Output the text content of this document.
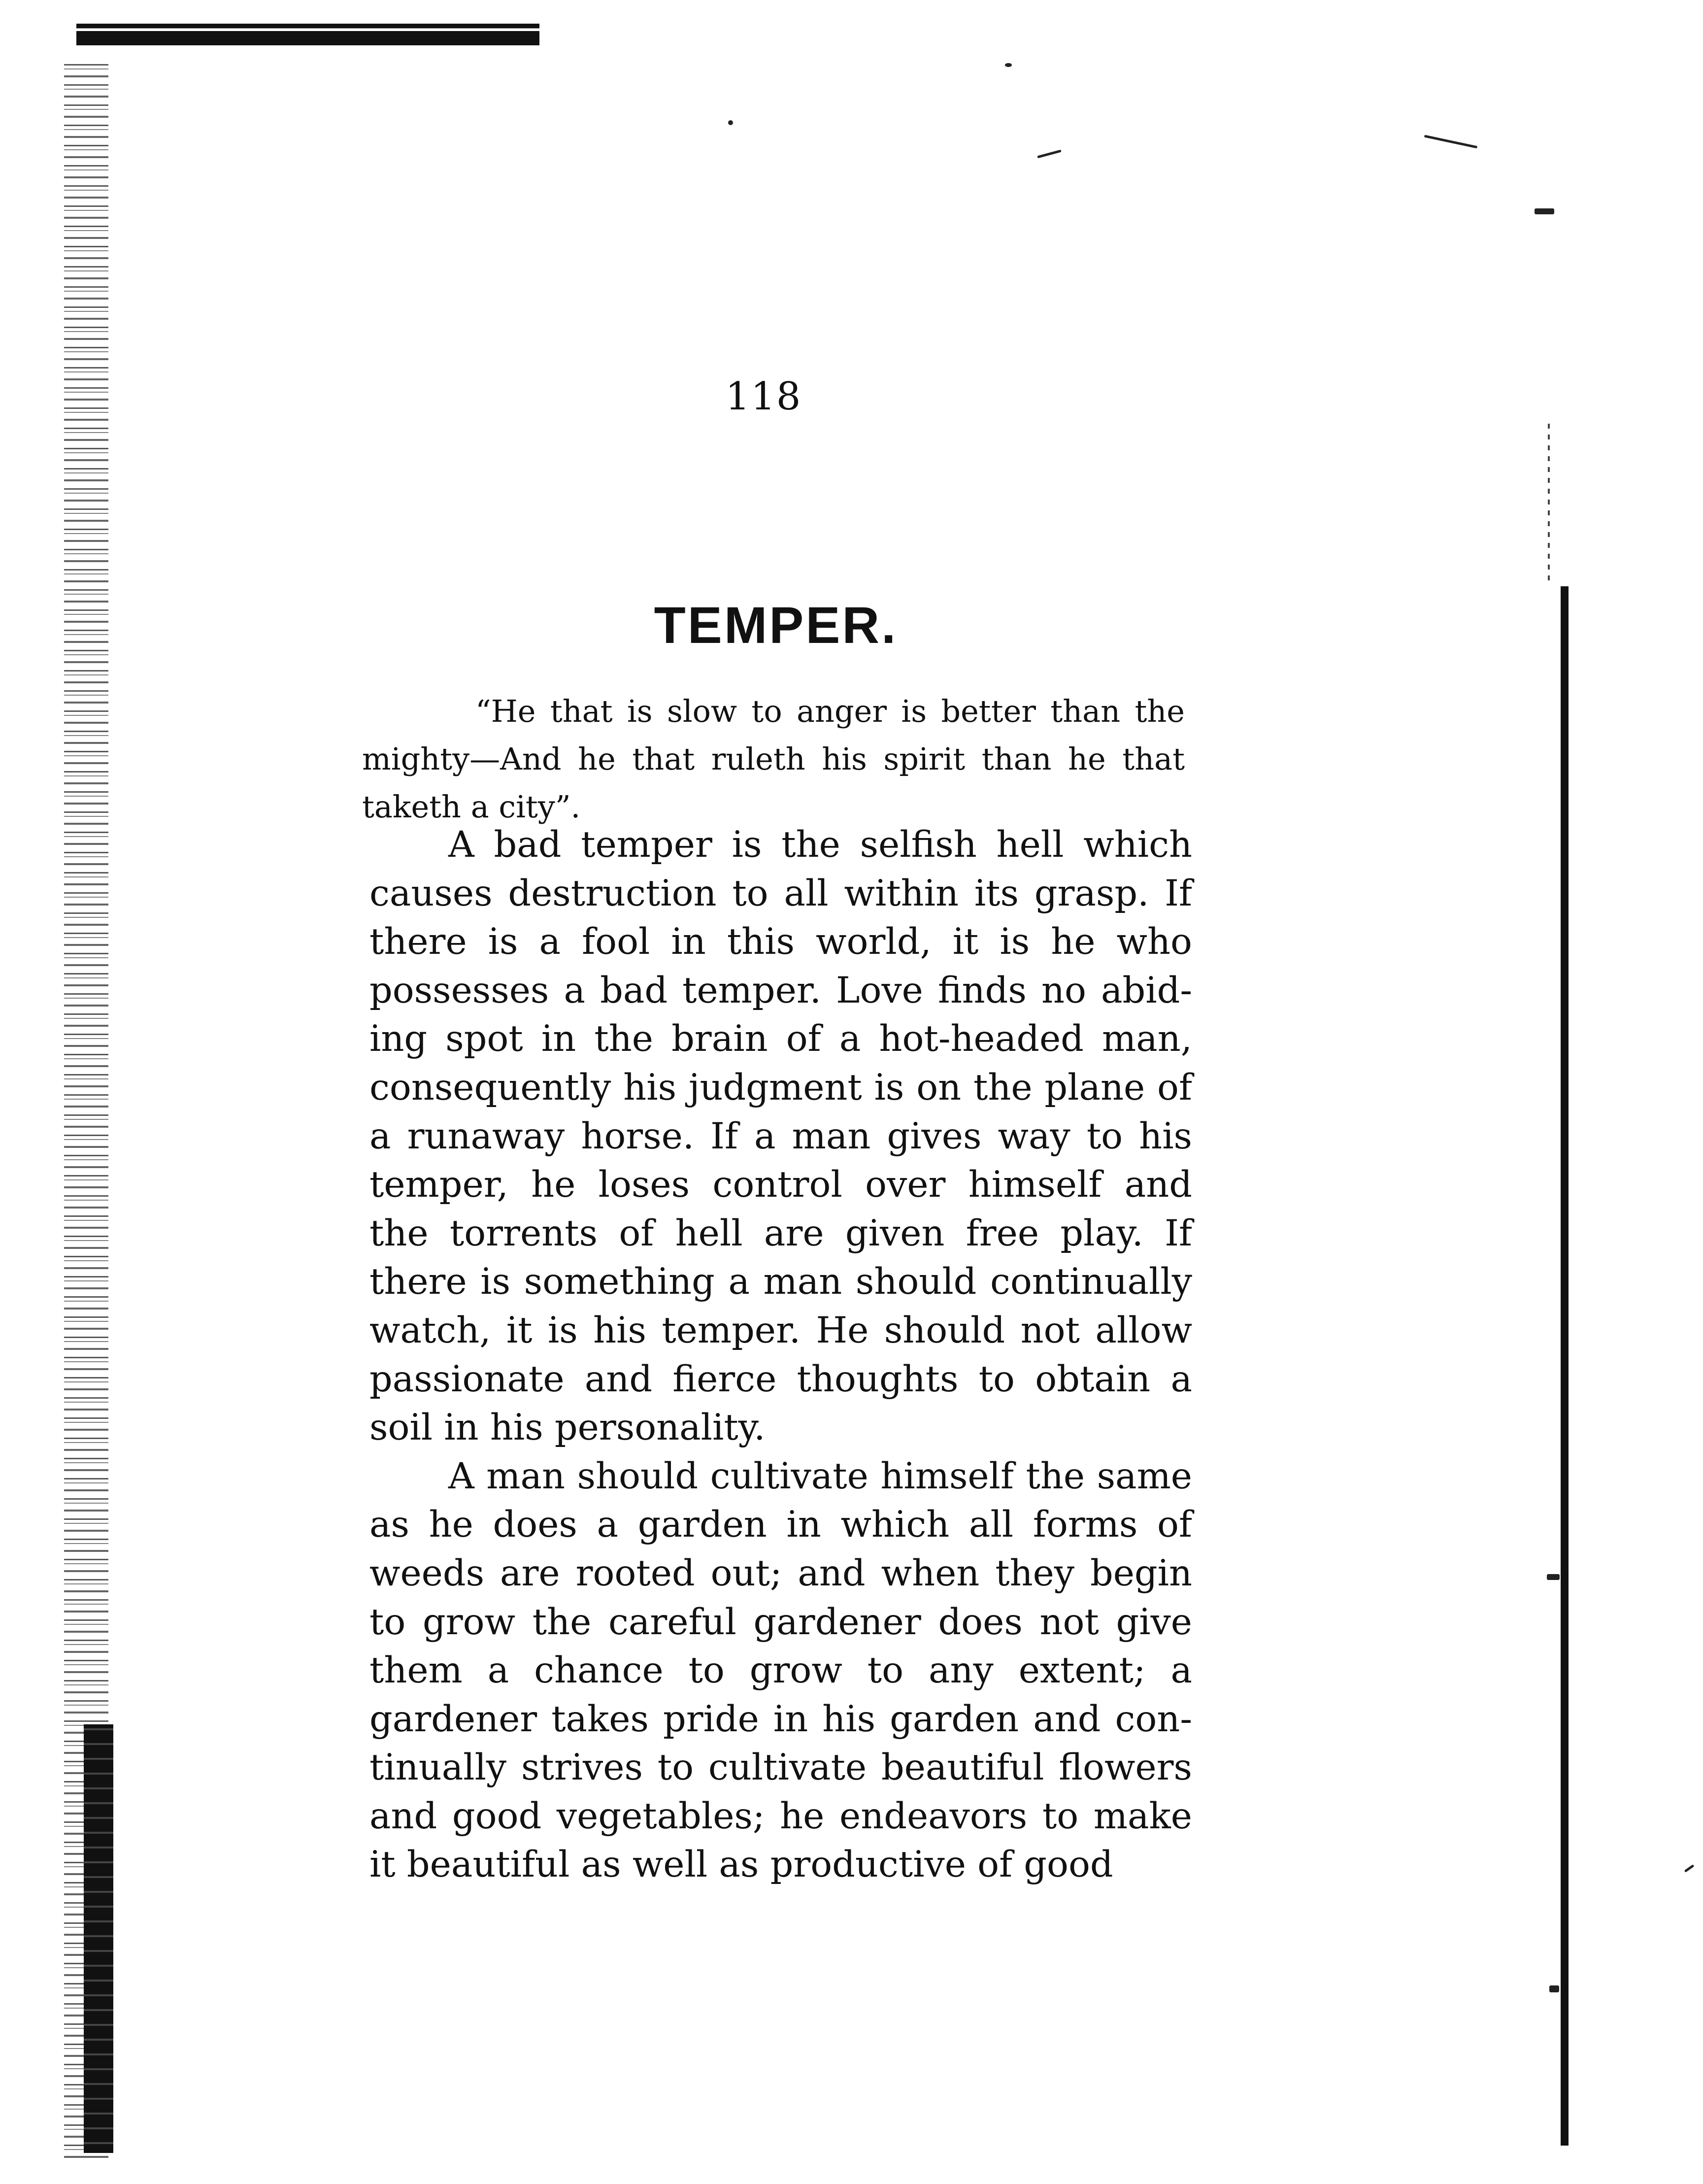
118
TEMPER.
“He that is slow to anger is better than the mighty—And he that ruleth his spirit than he that taketh a city”.

A bad temper is the selfish hell which causes destruction to all within its grasp. If there is a fool in this world, it is he who possesses a bad temper. Love finds no abiding spot in the brain of a hot-headed man, consequently his judgment is on the plane of a runaway horse. If a man gives way to his temper, he loses control over himself and the torrents of hell are given free play. If there is something a man should continually watch, it is his temper. He should not allow passionate and fierce thoughts to obtain a soil in his personality.

A man should cultivate himself the same as he does a garden in which all forms of weeds are rooted out; and when they begin to grow the careful gardener does not give them a chance to grow to any extent; a gardener takes pride in his garden and continually strives to cultivate beautiful flowers and good vegetables; he endeavors to make it beautiful as well as productive of good
